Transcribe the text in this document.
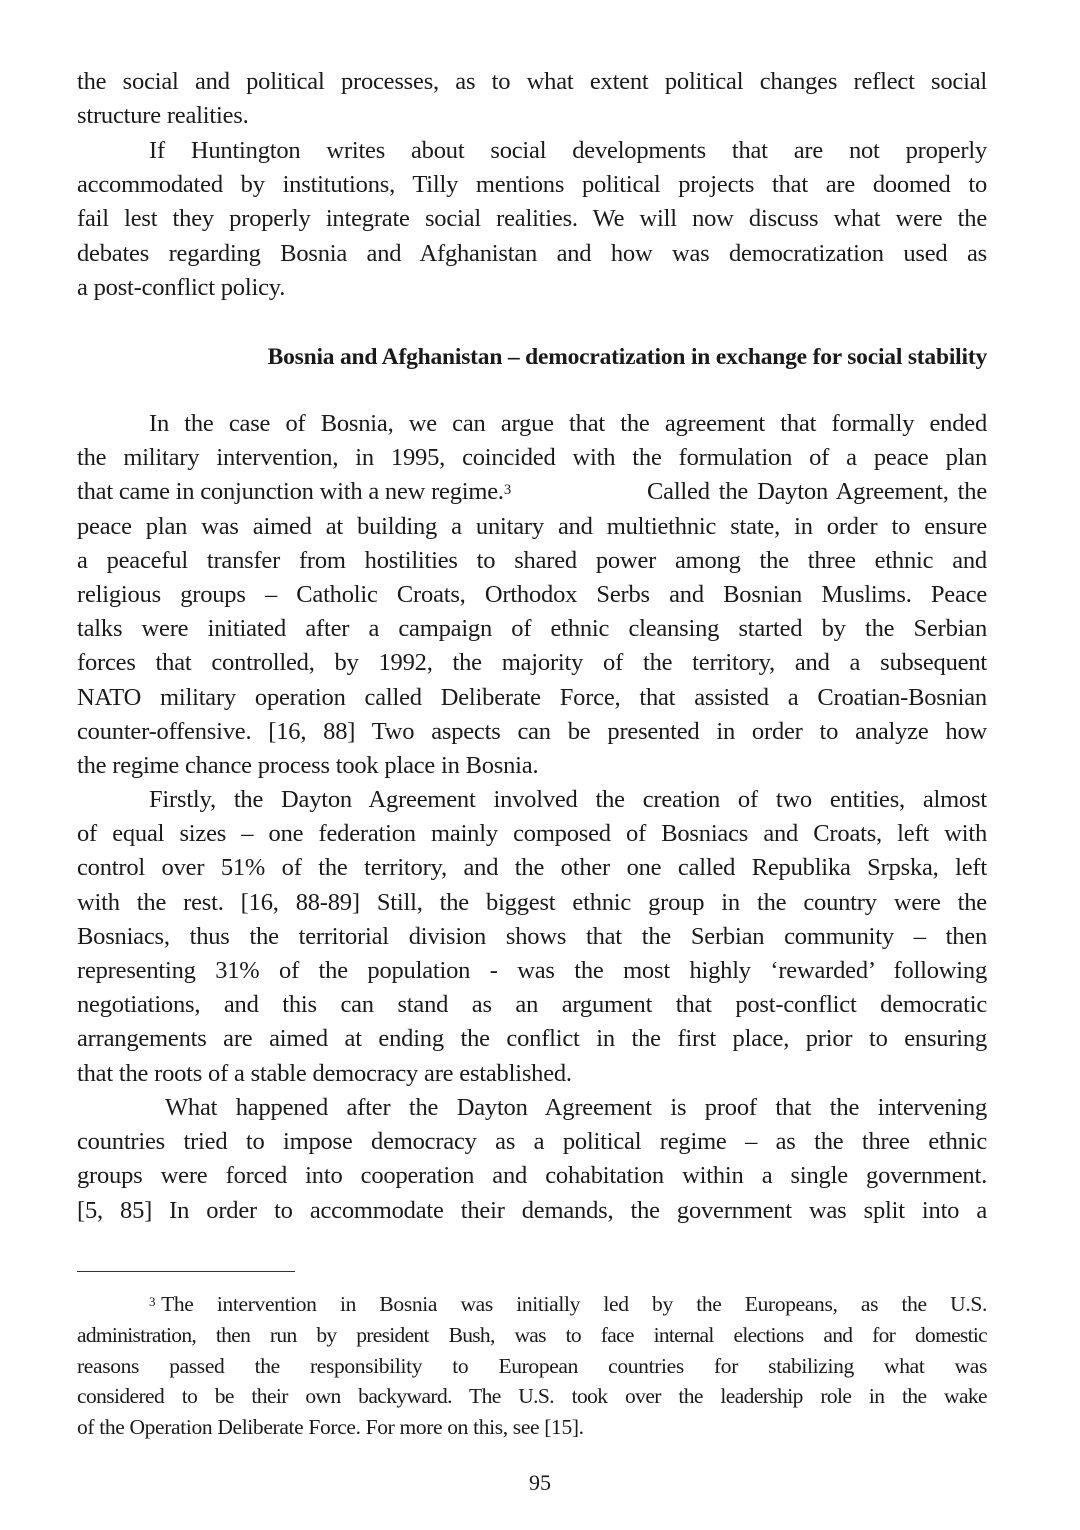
the social and political processes, as to what extent political changes reflect social
structure realities.
If Huntington writes about social developments that are not properly
accommodated by institutions, Tilly mentions political projects that are doomed to
fail lest they properly integrate social realities. We will now discuss what were the
debates regarding Bosnia and Afghanistan and how was democratization used as
a post-conflict policy.
Bosnia and Afghanistan – democratization in exchange for social stability
In the case of Bosnia, we can argue that the agreement that formally ended
the military intervention, in 1995, coincided with the formulation of a peace plan
that came in conjunction with a new regime.$^3$	Called the Dayton Agreement, the
peace plan was aimed at building a unitary and multiethnic state, in order to ensure
a peaceful transfer from hostilities to shared power among the three ethnic and
religious groups – Catholic Croats, Orthodox Serbs and Bosnian Muslims. Peace
talks were initiated after a campaign of ethnic cleansing started by the Serbian
forces that controlled, by 1992, the majority of the territory, and a subsequent
NATO military operation called Deliberate Force, that assisted a Croatian-Bosnian
counter-offensive. [16, 88] Two aspects can be presented in order to analyze how
the regime chance process took place in Bosnia.
Firstly, the Dayton Agreement involved the creation of two entities, almost
of equal sizes – one federation mainly composed of Bosniacs and Croats, left with
control over 51% of the territory, and the other one called Republika Srpska, left
with the rest. [16, 88-89] Still, the biggest ethnic group in the country were the
Bosniacs, thus the territorial division shows that the Serbian community – then
representing 31% of the population - was the most highly ‘rewarded’ following
negotiations, and this can stand as an argument that post-conflict democratic
arrangements are aimed at ending the conflict in the first place, prior to ensuring
that the roots of a stable democracy are established.
What happened after the Dayton Agreement is proof that the intervening
countries tried to impose democracy as a political regime – as the three ethnic
groups were forced into cooperation and cohabitation within a single government.
[5, 85] In order to accommodate their demands, the government was split into a
$^3$ The intervention in Bosnia was initially led by the Europeans, as the U.S.
administration, then run by president Bush, was to face internal elections and for domestic
reasons passed the responsibility to European countries for stabilizing what was
considered to be their own backyward. The U.S. took over the leadership role in the wake
of the Operation Deliberate Force. For more on this, see [15].
95
